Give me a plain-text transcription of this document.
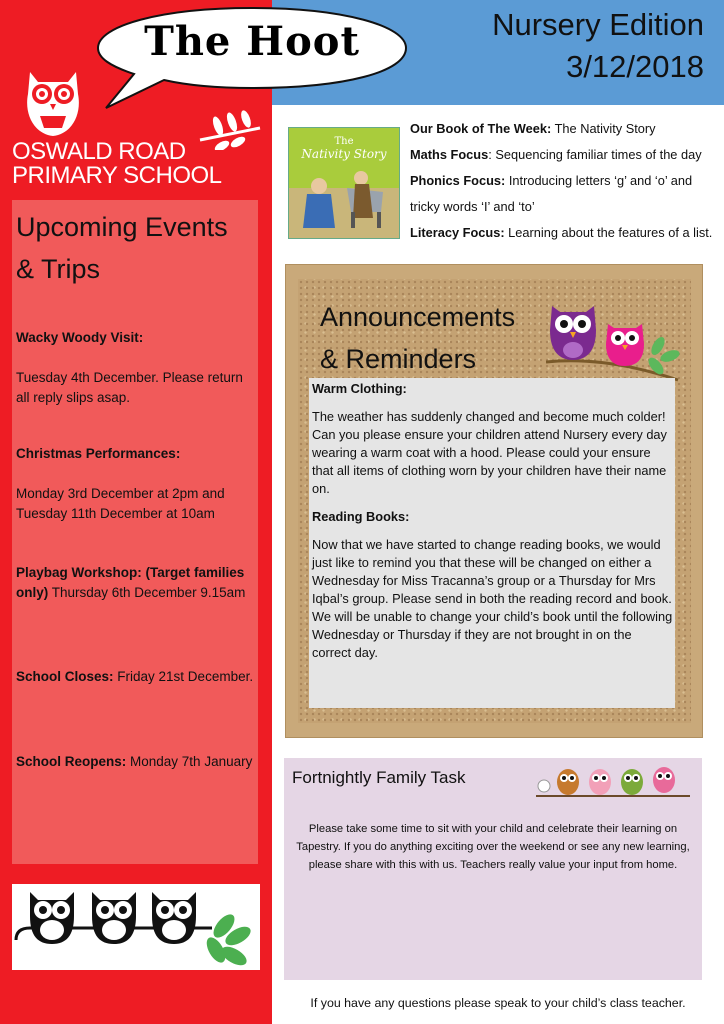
The Hoot	Nursery Edition
3/12/2018
OSWALD ROAD
PRIMARY SCHOOL
Upcoming Events
& Trips
Wacky Woody Visit:

Tuesday 4th December. Please return all reply slips asap.
Christmas Performances:

Monday 3rd December at 2pm and Tuesday 11th December at 10am
Playbag Workshop: (Target families only) Thursday 6th December 9.15am
School Closes: Friday 21st December.
School Reopens: Monday 7th January
The
Nativity Story
Our Book of The Week: The Nativity Story
Maths Focus: Sequencing familiar times of the day
Phonics Focus: Introducing letters ‘g’ and ‘o’ and tricky words ‘I’ and ‘to’
Literacy Focus: Learning about the features of a list.
Announcements
& Reminders

Warm Clothing:

The weather has suddenly changed and become much colder! Can you please ensure your children attend Nursery every day wearing a warm coat with a hood. Please could your ensure that all items of clothing worn by your children have their name on.

Reading Books:

Now that we have started to change reading books, we would just like to remind you that these will be changed on either a Wednesday for Miss Tracanna’s group or a Thursday for Mrs Iqbal’s group. Please send in both the reading record and book. We will be unable to change your child’s book until the following Wednesday or Thursday if they are not brought in on the correct day.

Fortnightly Family Task

Please take some time to sit with your child and celebrate their learning on Tapestry. If you do anything exciting over the weekend or see any new learning, please share with this with us. Teachers really value your input from home.

If you have any questions please speak to your child’s class teacher.
